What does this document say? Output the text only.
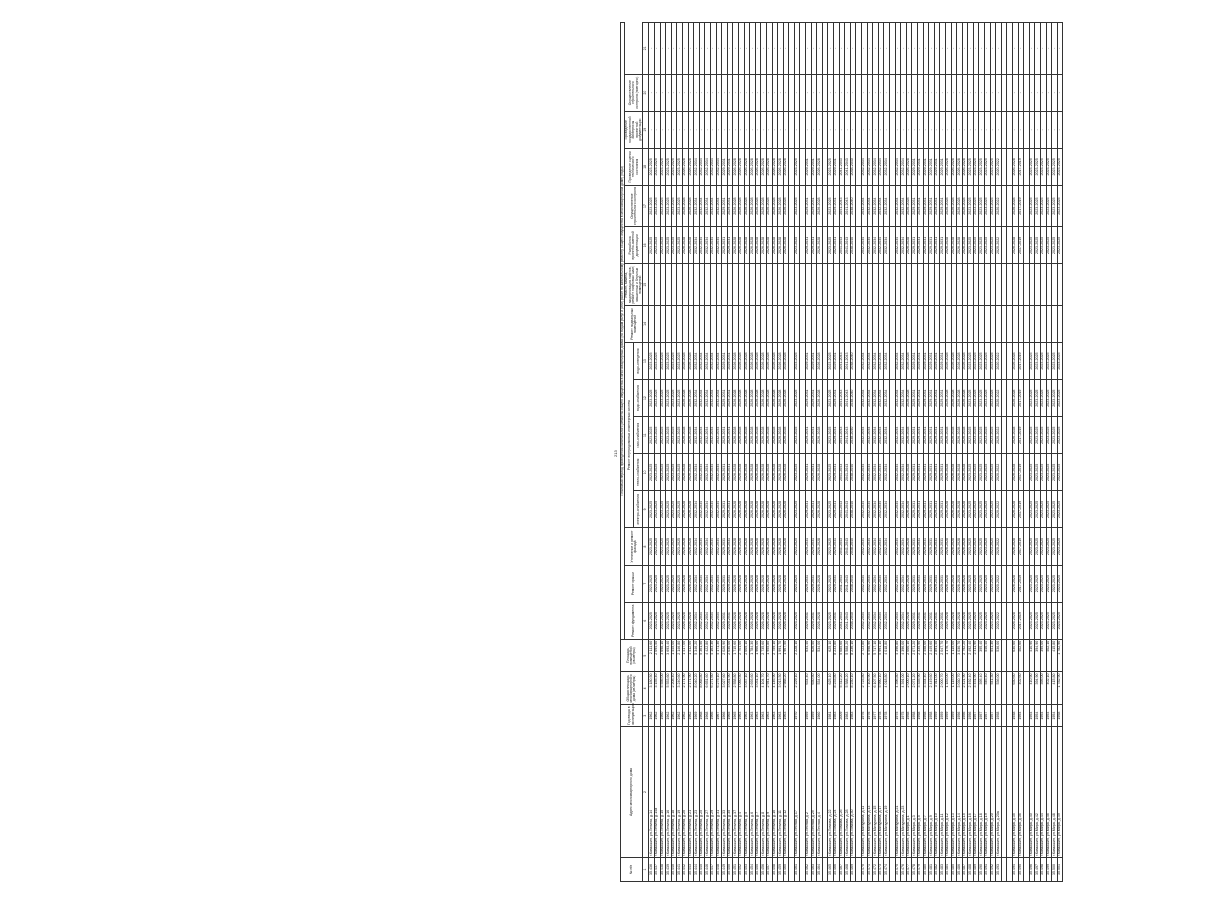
213
№ п/п	Адрес многоквартирного дома	Год ввода в эксплуатацию	Общая площадь многоквартирного дома (кв.метры)	Площадь помещений (кв.метры)	Плановый период проведения капитального ремонта общего имущества в многоквартирных домах (по видам услуг и (или) работ по капитальному ремонту общего имущества в многоквартирном доме) (годы)															
					Ремонт фундамента	Ремонт крыши	Утепление и ремонт фасада	Ремонт внутридомовых инженерных систем					Ремонт подвальных помещений	Ремонт, замена, модернизация лифтов, ремонт лифтовых шахт, машинных и блочных помещений	Разработка проектно-сметной документации	Осуществление строительного контроля	Проведение оценки технического состояния	Проведение государственной экспертизы проектной документации	Осуществление строительного контроля (повторно)	
								электро-снабжения	тепло-снабжения	газо-снабжения	водо-снабжения	водо-отведения								
1	2	3	4	5	6	7	8	9	10	11	12	13	14	15	16	17	18	19	20	21
35.436	г.Камышин, ул.Ленина, д.14	1962	3 180,50	2 111,60	2023-2025	2023-2025	2023-2025	2023-2025	2023-2025	2023-2025	2023-2025	2023-2025			2023-2025	2023-2025	2023-2025	-	-	-
35.437	г.Камышин, ул.Ленина, д.14а	1962	3 155,40	2 094,50	2023-2025	2023-2025	2023-2025	2023-2025	2023-2025	2023-2025	2023-2025	2023-2025			2023-2025	2023-2025	2023-2025	-	-	-
35.438	г.Камышин, ул.Ленина, д.15	1960	5 556,00	3 698,10	2023-2025	2023-2025	2023-2025	2023-2025	2023-2025	2023-2025	2023-2025	2023-2025			2023-2025	2023-2025	2023-2025	-	-	-
35.439	г.Камышин, ул.Ленина, д.16	1962	5 553,60	3 693,40	2023-2025	2023-2025	2023-2025	2023-2025	2023-2025	2023-2025	2023-2025	2023-2025			2023-2025	2023-2025	2023-2025	-	-	-
35.440	г.Камышин, ул.Ленина, д.18	1962	2 208,40	1 445,00	2023-2025	2023-2025	2023-2025	2023-2025	2023-2025	2023-2025	2023-2025	2023-2025			2023-2025	2023-2025	2023-2025	-	-	-
35.441	г.Камышин, ул.Ленина, д.19	1962	3 240,60	2 146,80	2023-2025	2023-2025	2023-2025	2023-2025	2023-2025	2023-2025	2023-2025	2023-2025			2023-2025	2023-2025	2023-2025	-	-	-
35.442	г.Камышин, ул.Ленина, д.20	1962	2 171,90	1 417,00	2026-2028	2026-2028	2026-2028	2026-2028	2026-2028	2026-2028	2026-2028	2026-2028			2026-2028	2026-2028	2026-2028	-	-	-
35.443	г.Камышин, ул.Ленина, д.21	1962	2 171,90	1 412,00	2026-2028	2026-2028	2026-2028	2026-2028	2026-2028	2026-2028	2026-2028	2026-2028			2026-2028	2026-2028	2026-2028	-	-	-
35.444	г.Камышин, ул.Ленина, д.23	1969	8 040,20	5 346,20	2032-2034	2032-2034	2032-2034	2032-2034	2032-2034	2032-2034	2032-2034	2032-2034			2032-2034	2032-2034	2032-2034	-	-	-
35.445	г.Камышин, ул.Ленина, д.25	1968	8 068,80	5 361,50	2032-2034	2032-2034	2032-2034	2032-2034	2032-2034	2032-2034	2032-2034	2032-2034			2032-2034	2032-2034	2032-2034	-	-	-
35.446	г.Камышин, ул.Ленина, д.27	1968	6 651,60	4 422,80	2032-2034	2032-2034	2032-2034	2032-2034	2032-2034	2032-2034	2032-2034	2032-2034			2032-2034	2032-2034	2032-2034	-	-	-
35.447	г.Камышин, ул.Ленина, д.29	1966	6 271,60	4 163,30	2032-2034	2032-2034	2032-2034	2032-2034	2032-2034	2032-2034	2032-2034	2032-2034			2032-2034	2032-2034	2032-2034	-	-	-
35.448	г.Камышин, ул.Ленина, д.31	1967	6 275,10	4 171,30	2032-2034	2032-2034	2032-2034	2032-2034	2032-2034	2032-2034	2032-2034	2032-2034			2032-2034	2032-2034	2032-2034	-	-	-
35.449	г.Камышин, ул.Ленина, д.33	1966	3 027,60	2 026,90	2029-2031	2029-2031	2029-2031	2029-2031	2029-2031	2029-2031	2029-2031	2029-2031			2029-2031	2029-2031	2029-2031	-	-	-
35.450	г.Камышин, ул.Ленина, д.35	1965	3 031,90	2 030,00	2029-2031	2029-2031	2029-2031	2029-2031	2029-2031	2029-2031	2029-2031	2029-2031			2029-2031	2029-2031	2029-2031	-	-	-
35.451	г.Камышин, ул.Ленина, д.37	1965	2 558,80	1 715,60	2026-2028	2026-2028	2026-2028	2026-2028	2026-2028	2026-2028	2026-2028	2026-2028			2026-2028	2026-2028	2026-2028	-	-	-
35.452	г.Камышин, ул.Ленина, д.4	1963	4 060,50	2 701,00	2026-2028	2026-2028	2026-2028	2026-2028	2026-2028	2026-2028	2026-2028	2026-2028			2026-2028	2026-2028	2026-2028	-	-	-
35.453	г.Камышин, ул.Ленина, д.5	1963	3 037,10	2 005,10	2026-2028	2026-2028	2026-2028	2026-2028	2026-2028	2026-2028	2026-2028	2026-2028			2026-2028	2026-2028	2026-2028	-	-	-
35.454	г.Камышин, ул.Ленина, д.6	1963	2 693,60	1 784,30	2026-2028	2026-2028	2026-2028	2026-2028	2026-2028	2026-2028	2026-2028	2026-2028			2026-2028	2026-2028	2026-2028	-	-	-
35.455	г.Камышин, ул.Ленина, д.7	1963	3 031,10	1 966,00	2026-2028	2026-2028	2026-2028	2026-2028	2026-2028	2026-2028	2026-2028	2026-2028			2026-2028	2026-2028	2026-2028	-	-	-
35.456	г.Камышин, ул.Ленина, д.8	1963	4 104,70	2 735,60	2026-2028	2026-2028	2026-2028	2026-2028	2026-2028	2026-2028	2026-2028	2026-2028			2026-2028	2026-2028	2026-2028	-	-	-
35.457	г.Камышин, ул.Ленина, д.9	1963	2 941,70	1 955,80	2026-2028	2026-2028	2026-2028	2026-2028	2026-2028	2026-2028	2026-2028	2026-2028			2026-2028	2026-2028	2026-2028	-	-	-
35.458	г.Камышин, ул.Ленина, д.10	1963	4 146,90	2 759,10	2026-2028	2026-2028	2026-2028	2026-2028	2026-2028	2026-2028	2026-2028	2026-2028			2026-2028	2026-2028	2026-2028	-	-	-
35.459	г.Камышин, ул.Ленина, д.11	1963	3 013,50	1 991,70	2026-2028	2026-2028	2026-2028	2026-2028	2026-2028	2026-2028	2026-2028	2026-2028			2026-2028	2026-2028	2026-2028	-	-	-
35.460	г.Камышин, ул.Ленина, д.12	1963	2 988,20	1 967,50	2026-2028	2026-2028	2026-2028	2026-2028	2026-2028	2026-2028	2026-2028	2026-2028			2026-2028	2026-2028	2026-2028	-	-	-

35.461	г.Камышин, ул.Лесная, д.17	1970	2 229,10	2 228,10	2023-2025	2023-2025	2023-2025	2023-2025	2023-2025	2023-2025	2023-2025	2023-2025			2023-2025	2023-2025	2023-2025	-	-	-

35.462	г.Камышин, ул.Лесная, д.2	1959	634,40	634,40	2029-2031	2029-2031	2029-2031	2029-2031	2029-2031	2029-2031	2029-2031	2029-2031			2029-2031	2029-2031	2029-2031	-	-	-
35.463	г.Камышин, ул.Лесная, д.2б	1959	630,50	626,50	2029-2031	2029-2031	2029-2031	2029-2031	2029-2031	2029-2031	2029-2031	2029-2031			2029-2031	2029-2031	2029-2031	-	-	-
35.464	г.Камышин, ул.Лесная, д.4	1960	534,00	534,00	2026-2028	2026-2028	2026-2028	2026-2028	2026-2028	2026-2028	2026-2028	2026-2028			2026-2028	2026-2028	2026-2028	-	-	-

35.465	г.Камышин, ул.Ломова, д.22	1981	625,10	625,10	2023-2025	2023-2025	2023-2025	2023-2025	2023-2025	2023-2025	2023-2025	2023-2025			2023-2025	2023-2025	2023-2025	-	-	-
35.466	г.Камышин, ул.Ломова, д.24	1983	8 233,80	8 233,80	2029-2031	2029-2031	2029-2031	2029-2031	2029-2031	2029-2031	2029-2031	2029-2031			2029-2031	2029-2031	2029-2031	-	-	-
35.467	г.Камышин, ул.Ломова, д.26	2009	5 312,20	5 685,60	2041-2043	2041-2043	2041-2043	2041-2043	2041-2043	2041-2043	2041-2043	2041-2043			2041-2043	2041-2043	2041-2043	-	-	-
35.468	г.Камышин, ул.Ломова, д.28	1983	5 588,20	5 588,20	2041-2043	2041-2043	2041-2043	2041-2043	2041-2043	2041-2043	2041-2043	2041-2043			2041-2043	2041-2043	2041-2043	-	-	-
35.469	г.Камышин, ул.Ломова, д.30	1983	8 230,10	8 236,10	2038-2040	2038-2040	2038-2040	2038-2040	2038-2040	2038-2040	2038-2040	2038-2040			2038-2040	2038-2040	2038-2040	-	-	-

35.470	г.Камышин, ул.Мичурина, д.11	1976	2 723,80	2 723,80	2032-2034	2032-2034	2032-2034	2032-2034	2032-2034	2032-2034	2032-2034	2032-2034			2032-2034	2032-2034	2032-2034	-	-	-
35.471	г.Камышин, ул.Мичурина, д.13	1976	7 103,90	6 598,90	2032-2034	2032-2034	2032-2034	2032-2034	2032-2034	2032-2034	2032-2034	2032-2034			2032-2034	2032-2034	2032-2034	-	-	-
35.472	г.Камышин, ул.Мичурина, д.15	1977	6 107,50	5 717,10	2032-2034	2032-2034	2032-2034	2032-2034	2032-2034	2032-2034	2032-2034	2032-2034			2032-2034	2032-2034	2032-2034	-	-	-
35.473	г.Камышин, ул.Мичурина, д.17	1978	5 990,10	5 991,10	2032-2034	2032-2034	2032-2034	2032-2034	2032-2034	2032-2034	2032-2034	2032-2034			2032-2034	2032-2034	2032-2034	-	-	-
35.474	г.Камышин, ул.Мичурина, д.19	1978	4 018,80	4 018,80	2032-2034	2032-2034	2032-2034	2032-2034	2032-2034	2032-2034	2032-2034	2032-2034			2032-2034	2032-2034	2032-2034	-	-	-

35.475	г.Камышин, ул.Мичурина, д.21	1975	4 396,80	4 396,80	2032-2034	2032-2034	2032-2034	2032-2034	2032-2034	2032-2034	2032-2034	2032-2034			2032-2034	2032-2034	2032-2034	-	-	-
35.476	г.Камышин, ул.Мичурина, д.23	1975	4 391,00	4 396,00	2032-2034	2032-2034	2032-2034	2032-2034	2032-2034	2032-2034	2032-2034	2032-2034			2032-2034	2032-2034	2032-2034	-	-	-
35.477	г.Камышин, ул.Мира, д.1	1958	2 000,10	2 000,10	2026-2028	2026-2028	2026-2028	2026-2028	2026-2028	2026-2028	2026-2028	2026-2028			2026-2028	2026-2028	2026-2028	-	-	-
35.478	г.Камышин, ул.Мира, д.3	1958	2 071,20	2 071,20	2029-2031	2029-2031	2029-2031	2029-2031	2029-2031	2029-2031	2029-2031	2029-2031			2029-2031	2029-2031	2029-2031	-	-	-
35.479	г.Камышин, ул.Мира, д.5	1958	3 335,90	2 335,90	2029-2031	2029-2031	2029-2031	2029-2031	2029-2031	2029-2031	2029-2031	2029-2031			2029-2031	2029-2031	2029-2031	-	-	-
35.480	г.Камышин, ул.Мира, д.7	1958	3 334,40	2 458,00	2029-2031	2029-2031	2029-2031	2029-2031	2029-2031	2029-2031	2029-2031	2029-2031			2029-2031	2029-2031	2029-2031	-	-	-
35.481	г.Камышин, ул.Мира, д.9	1958	2 449,60	2 449,60	2029-2031	2029-2031	2029-2031	2029-2031	2029-2031	2029-2031	2029-2031	2029-2031			2029-2031	2029-2031	2029-2031	-	-	-
35.482	г.Камышин, ул.Мира, д.10	1959	3 011,00	2 891,40	2029-2031	2029-2031	2029-2031	2029-2031	2029-2031	2029-2031	2029-2031	2029-2031			2029-2031	2029-2031	2029-2031	-	-	-
35.483	г.Камышин, ул.Мира, д.11	1959	2 000,70	2 047,70	2029-2031	2029-2031	2029-2031	2029-2031	2029-2031	2029-2031	2029-2031	2029-2031			2029-2031	2029-2031	2029-2031	-	-	-
35.484	г.Камышин, ул.Мира, д.12	1959	1 183,00	1 176,70	2026-2028	2026-2028	2026-2028	2026-2028	2026-2028	2026-2028	2026-2028	2026-2028			2026-2028	2026-2028	2026-2028	-	-	-
35.485	г.Камышин, ул.Мира, д.13	1959	1 115,00	1 115,00	2026-2028	2026-2028	2026-2028	2026-2028	2026-2028	2026-2028	2026-2028	2026-2028			2026-2028	2026-2028	2026-2028	-	-	-
35.486	г.Камышин, ул.Мира, д.14	1956	3 030,70	3 030,70	2026-2028	2026-2028	2026-2028	2026-2028	2026-2028	2026-2028	2026-2028	2026-2028			2026-2028	2026-2028	2026-2028	-	-	-
35.487	г.Камышин, ул.Мира, д.15	1956	2 421,90	2 792,20	2026-2028	2026-2028	2026-2028	2026-2028	2026-2028	2026-2028	2026-2028	2026-2028			2026-2028	2026-2028	2026-2028	-	-	-
35.488	г.Камышин, ул.Мира, д.16	1956	2 492,40	2 492,40	2023-2025	2023-2025	2023-2025	2023-2025	2023-2025	2023-2025	2023-2025	2023-2025			2023-2025	2023-2025	2023-2025	-	-	-
35.489	г.Камышин, ул.Мира, д.17	1957	3 451,90	2 411,90	2023-2025	2023-2025	2023-2025	2023-2025	2023-2025	2023-2025	2023-2025	2023-2025			2023-2025	2023-2025	2023-2025	-	-	-
35.490	г.Камышин, ул.Мира, д.18	1957	395,40	395,40	2023-2025	2023-2025	2023-2025	2023-2025	2023-2025	2023-2025	2023-2025	2023-2025			2023-2025	2023-2025	2023-2025	-	-	-
35.491	г.Камышин, ул.Мира, д.19	1957	546,40	546,40	2023-2025	2023-2025	2023-2025	2023-2025	2023-2025	2023-2025	2023-2025	2023-2025			2023-2025	2023-2025	2023-2025	-	-	-
35.492	г.Камышин, ул.Мира, д.20	1957	541,30	541,30	2023-2025	2023-2025	2023-2025	2023-2025	2023-2025	2023-2025	2023-2025	2023-2025			2023-2025	2023-2025	2023-2025	-	-	-
35.493	г.Камышин, ул.Мира, д.20а	1958	536,00	536,00	2020-2022	2020-2022	2020-2022	2020-2022	2020-2022	2020-2022	2020-2022	2020-2022			2020-2022	2020-2022	2020-2022	-	-	-

35.494	г.Камышин, ул.Мира, д.35	1938	630,60	630,60	2026-2028	2026-2028	2026-2028	2026-2028	2026-2028	2026-2028	2026-2028	2026-2028			2026-2028	2026-2028	2026-2028	-	-	-
35.495	г.Камышин, ул.Мира, д.36	1954	402,60	402,60	2017-2019	2017-2019	2017-2019	2017-2019	2017-2019	2017-2019	2017-2019	2017-2019			2017-2019	2017-2019	2017-2019	-	-	-

35.496	г.Камышин, ул.Мира, д.40	1954	410,90	410,90	2023-2025	2023-2025	2023-2025	2023-2025	2023-2025	2023-2025	2023-2025	2023-2025			2023-2025	2023-2025	2023-2025	-	-	-
35.497	г.Камышин, ул.Мира, д.42	1954	394,90	394,90	2023-2025	2023-2025	2023-2025	2023-2025	2023-2025	2023-2025	2023-2025	2023-2025			2023-2025	2023-2025	2023-2025	-	-	-
35.498	г.Камышин, ул.Мира, д.44	1954	395,00	395,00	2023-2025	2023-2025	2023-2025	2023-2025	2023-2025	2023-2025	2023-2025	2023-2025			2023-2025	2023-2025	2023-2025	-	-	-
35.499	г.Камышин, ул.Мира, д.46	1954	402,10	402,10	2023-2025	2023-2025	2023-2025	2023-2025	2023-2025	2023-2025	2023-2025	2023-2025			2023-2025	2023-2025	2023-2025	-	-	-
35.500	г.Камышин, ул.Мира, д.48	1954	415,80	415,80	2023-2025	2023-2025	2023-2025	2023-2025	2023-2025	2023-2025	2023-2025	2023-2025			2023-2025	2023-2025	2023-2025	-	-	-
35.501	г.Камышин, ул.Мира, д.49	1958	1 782,90	1 782,90	2023-2025	2023-2025	2023-2025	2023-2025	2023-2025	2023-2025	2023-2025	2023-2025			2023-2025	2023-2025	2023-2025	-	-	-
